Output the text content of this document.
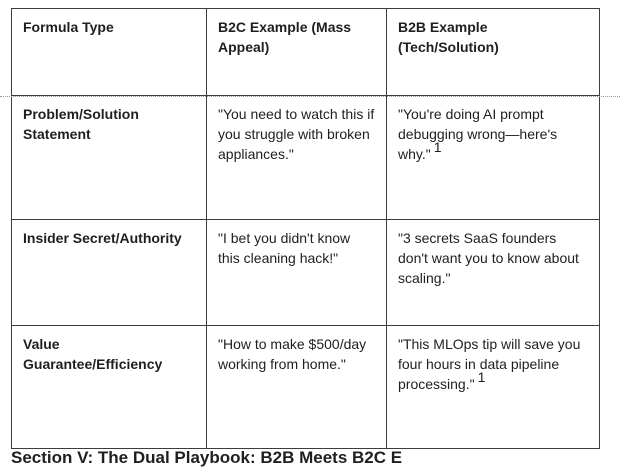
Formula Type	B2C Example (Mass Appeal)	B2B Example (Tech/Solution)
Problem/Solution Statement	"You need to watch this if you struggle with broken appliances."	"You're doing AI prompt debugging wrong—here's why." $^1$
Insider Secret/Authority	"I bet you didn't know this cleaning hack!"	"3 secrets SaaS founders don't want you to know about scaling."
Value Guarantee/Efficiency	"How to make $500/day working from home."	"This MLOps tip will save you four hours in data pipeline processing." $^1$
Section V: The Dual Playbook: B2B Meets B2C E
